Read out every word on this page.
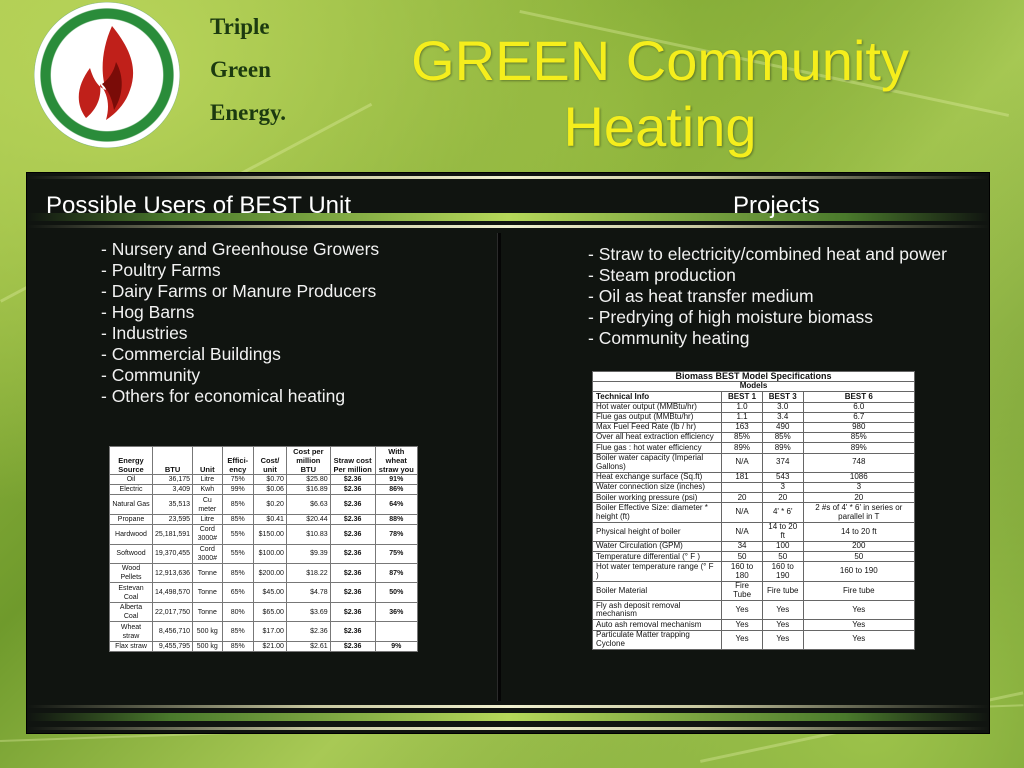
Triple
Green
Energy.
GREEN Community
Heating
Possible Users of BEST Unit	Projects
- Nursery and Greenhouse Growers
- Poultry Farms
- Dairy Farms or Manure Producers
- Hog Barns
- Industries
- Commercial Buildings
- Community
- Others for economical heating
- Straw to electricity/combined heat and power
- Steam production
- Oil as heat transfer medium
- Predrying of high moisture biomass
- Community heating
Energy Source	BTU	Unit	Effici- ency	Cost/ unit	Cost per million BTU	Straw cost Per million	With wheat straw you
Oil	36,175	Litre	75%	$0.70	$25.80	$2.36	91%
Electric	3,409	Kwh	99%	$0.06	$16.89	$2.36	86%
Natural Gas	35,513	Cu meter	85%	$0.20	$6.63	$2.36	64%
Propane	23,595	Litre	85%	$0.41	$20.44	$2.36	88%
Hardwood	25,181,591	Cord 3000#	55%	$150.00	$10.83	$2.36	78%
Softwood	19,370,455	Cord 3000#	55%	$100.00	$9.39	$2.36	75%
Wood Pellets	12,913,636	Tonne	85%	$200.00	$18.22	$2.36	87%
Estevan Coal	14,498,570	Tonne	65%	$45.00	$4.78	$2.36	50%
Alberta Coal	22,017,750	Tonne	80%	$65.00	$3.69	$2.36	36%
Wheat straw	8,456,710	500 kg	85%	$17.00	$2.36	$2.36	
Flax straw	9,455,795	500 kg	85%	$21.00	$2.61	$2.36	9%
Biomass BEST Model Specifications			
Models			
Technical Info	BEST 1	BEST 3	BEST 6
Hot water output (MMBtu/hr)	1.0	3.0	6.0
Flue gas output (MMBtu/hr)	1.1	3.4	6.7
Max Fuel Feed Rate (lb / hr)	163	490	980
Over all heat extraction efficiency	85%	85%	85%
Flue gas : hot water efficiency	89%	89%	89%
Boiler water capacity (Imperial Gallons)	N/A	374	748
Heat exchange surface (Sq.ft)	181	543	1086
Water connection size (inches)		3	3
Boiler working pressure (psi)	20	20	20
Boiler Effective Size: diameter * height (ft)	N/A	4' * 6'	2 #s of 4' * 6' in series or parallel in T
Physical height of boiler	N/A	14 to 20 ft	14 to 20 ft
Water Circulation (GPM)	34	100	200
Temperature differential (° F )	50	50	50
Hot water temperature range (° F )	160 to 180	160 to 190	160 to 190
Boiler Material	Fire Tube	Fire tube	Fire tube
Fly ash deposit removal mechanism	Yes	Yes	Yes
Auto ash removal mechanism	Yes	Yes	Yes
Particulate Matter trapping Cyclone	Yes	Yes	Yes
